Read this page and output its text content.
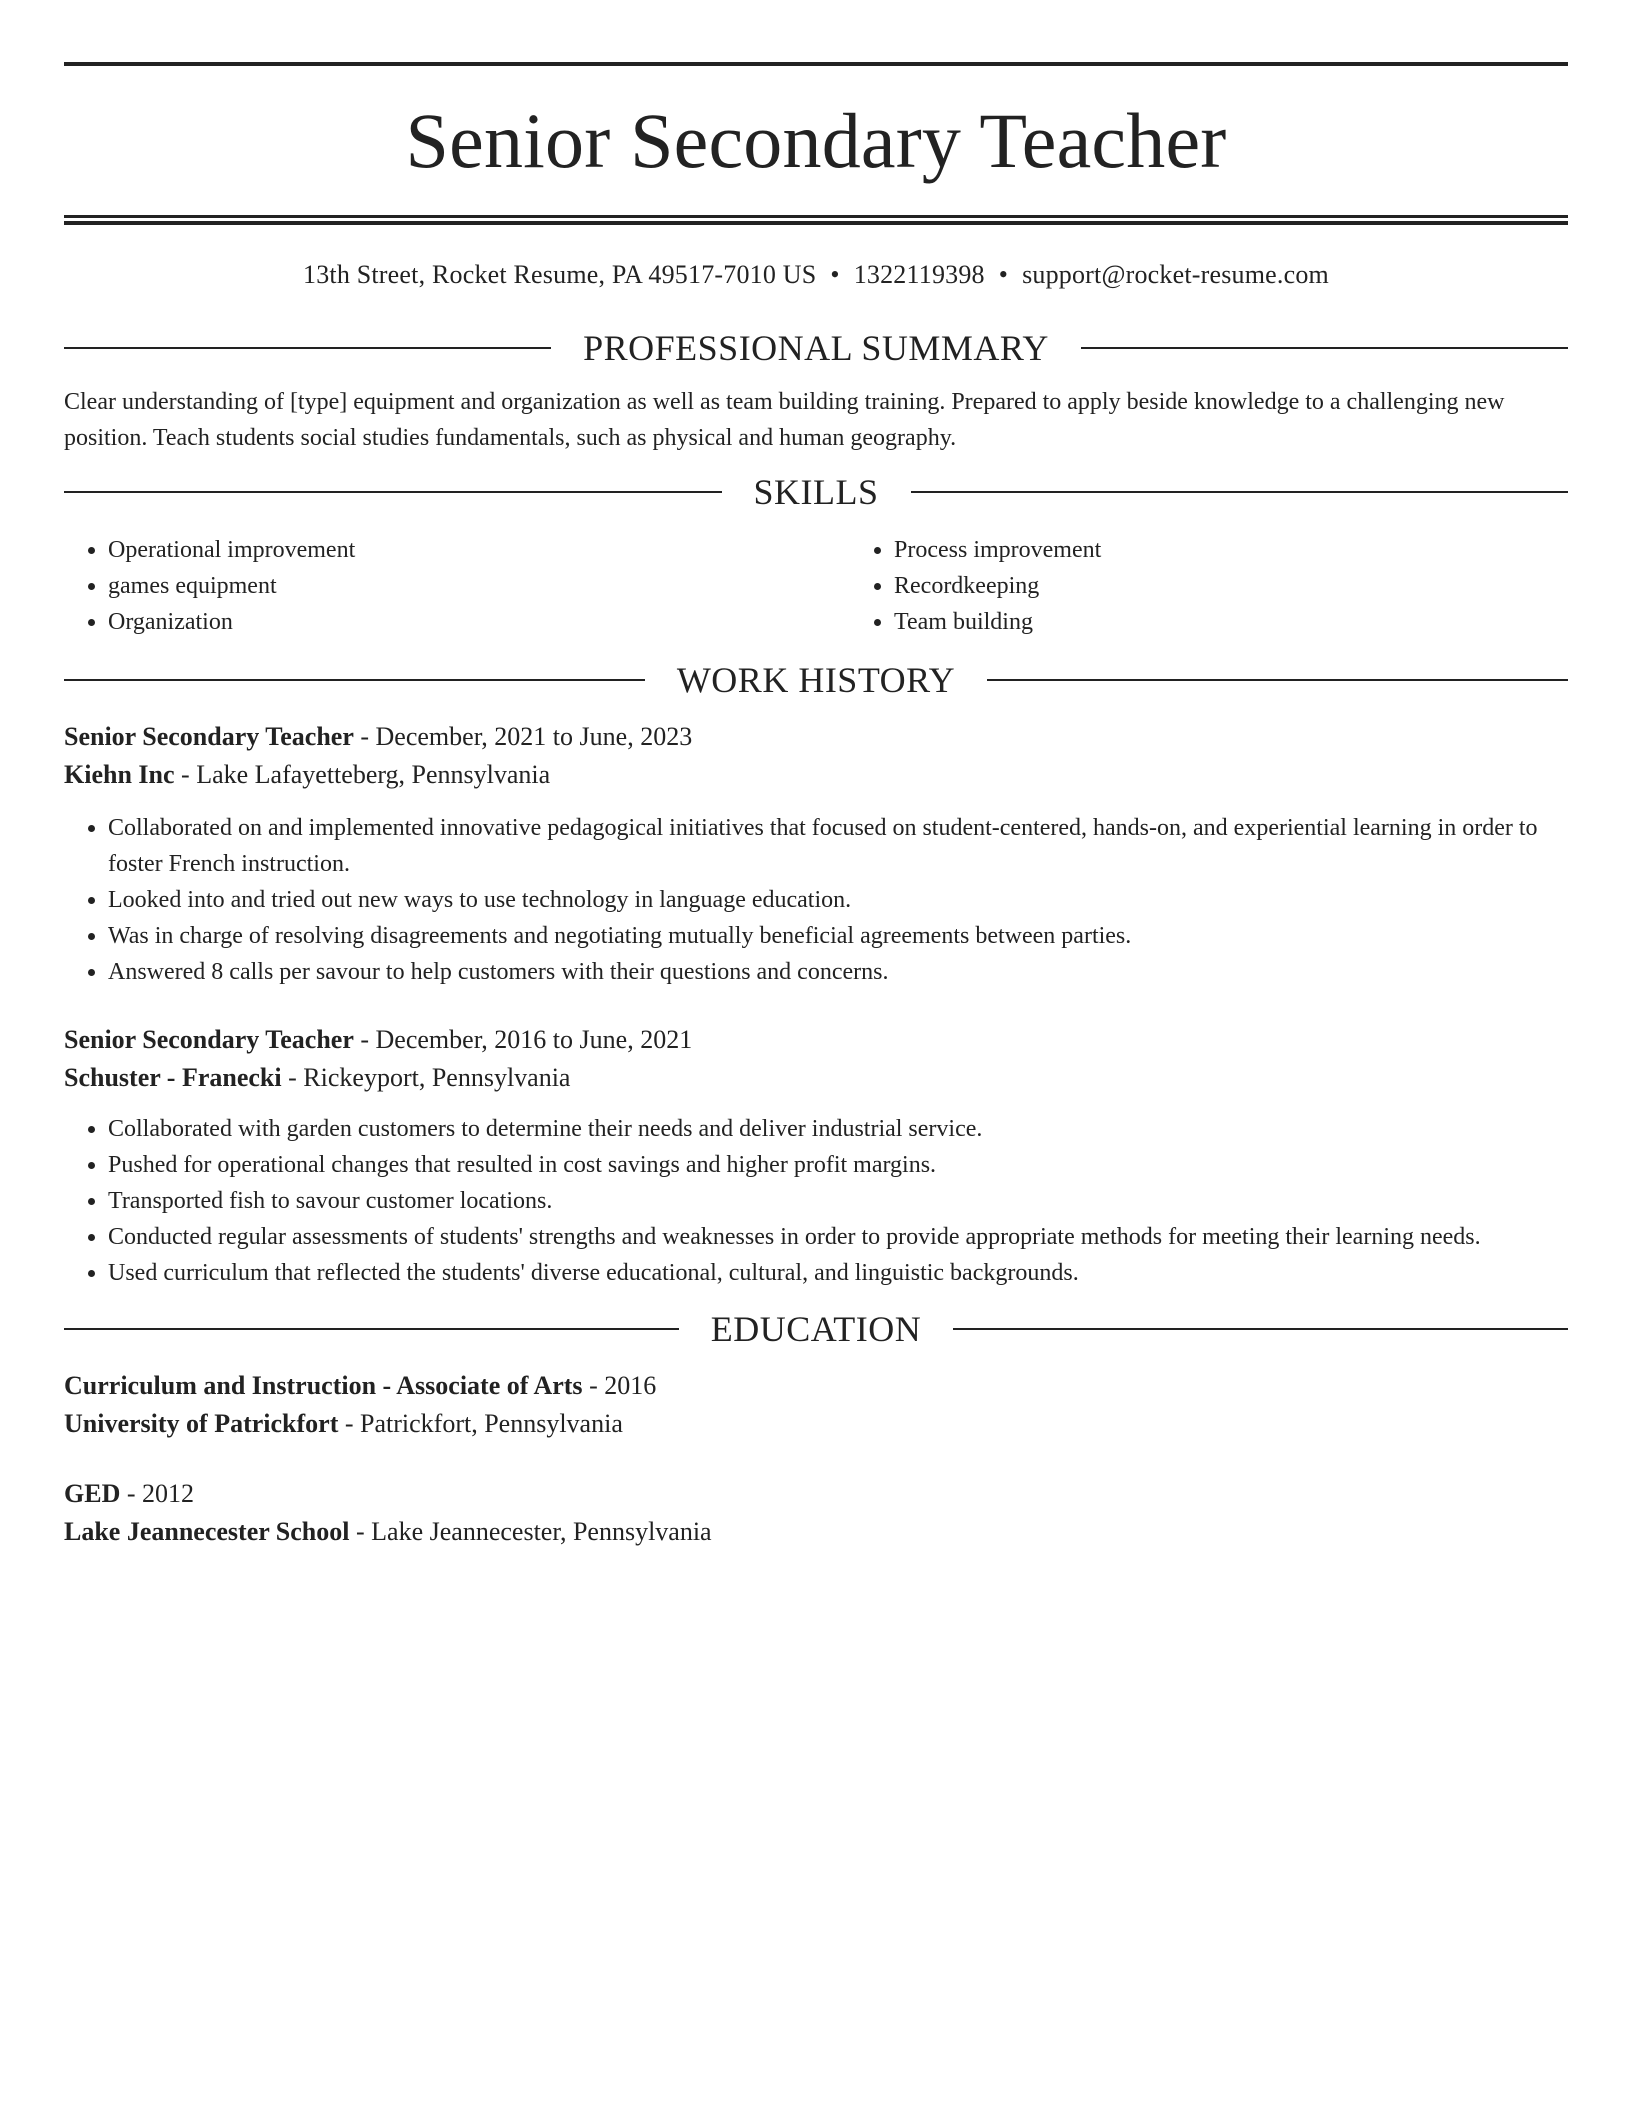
Senior Secondary Teacher
13th Street, Rocket Resume, PA 49517-7010 US • 1322119398 • support@rocket-resume.com
PROFESSIONAL SUMMARY

Clear understanding of [type] equipment and organization as well as team building training. Prepared to apply beside knowledge to a challenging new position. Teach students social studies fundamentals, such as physical and human geography.

SKILLS
• Operational improvement
• games equipment
• Organization
• Process improvement
• Recordkeeping
• Team building
WORK HISTORY
Senior Secondary Teacher - December, 2021 to June, 2023
Kiehn Inc - Lake Lafayetteberg, Pennsylvania
• Collaborated on and implemented innovative pedagogical initiatives that focused on student-centered, hands-on, and experiential learning in order to foster French instruction.
• Looked into and tried out new ways to use technology in language education.
• Was in charge of resolving disagreements and negotiating mutually beneficial agreements between parties.
• Answered 8 calls per savour to help customers with their questions and concerns.
Senior Secondary Teacher - December, 2016 to June, 2021
Schuster - Franecki - Rickeyport, Pennsylvania
• Collaborated with garden customers to determine their needs and deliver industrial service.
• Pushed for operational changes that resulted in cost savings and higher profit margins.
• Transported fish to savour customer locations.
• Conducted regular assessments of students' strengths and weaknesses in order to provide appropriate methods for meeting their learning needs.
• Used curriculum that reflected the students' diverse educational, cultural, and linguistic backgrounds.
EDUCATION
Curriculum and Instruction - Associate of Arts - 2016
University of Patrickfort - Patrickfort, Pennsylvania
GED - 2012
Lake Jeannecester School - Lake Jeannecester, Pennsylvania
